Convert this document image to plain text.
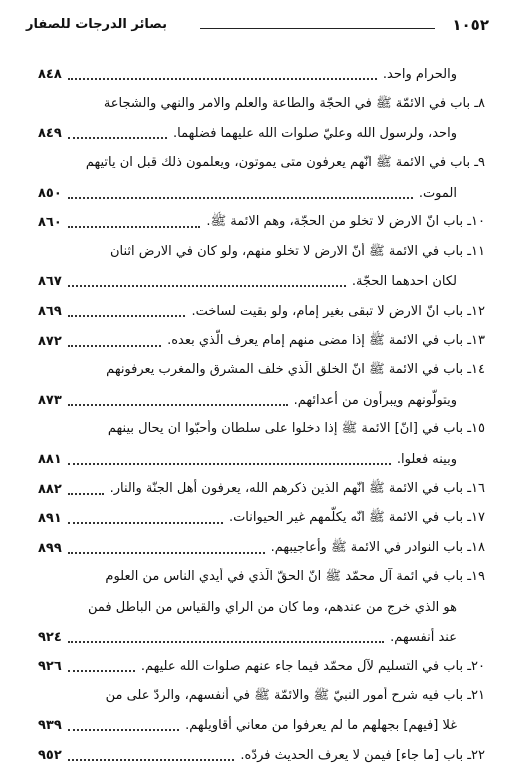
١٠٥٢
بصائر الدرجات للصفار
والحرام واحد.
٨٤٨
٨ـ باب في الائمّة ﷺ في الحجّة والطاعة والعلم والامر والنهي والشجاعة
واحد، ولرسول الله وعليّ صلوات الله عليهما فضلهما.
٨٤٩
٩ـ باب في الائمة ﷺ انّهم يعرفون متى يموتون، ويعلمون ذلك قبل ان ياتيهم
الموت.
٨٥٠
١٠ـ باب انّ الارض لا تخلو من الحجّة، وهم الائمة ﷺ.
٨٦٠
١١ـ باب في الائمة ﷺ أنّ الارض لا تخلو منهم، ولو كان في الارض اثنان
لكان احدهما الحجّة.
٨٦٧
١٢ـ باب انّ الارض لا تبقى بغير إمام، ولو بقيت لساخت.
٨٦٩
١٣ـ باب في الائمة ﷺ إذا مضى منهم إمام يعرف الّذي بعده.
٨٧٢
١٤ـ باب في الائمة ﷺ انّ الخلق الّذي خلف المشرق والمغرب يعرفونهم
ويتولّونهم ويبرأون من أعدائهم.
٨٧٣
١٥ـ باب في [انّ] الائمة ﷺ إذا دخلوا على سلطان وأحبّوا ان يحال بينهم
وبينه فعلوا.
٨٨١
١٦ـ باب في الائمة ﷺ انّهم الذين ذكرهم الله، يعرفون أهل الجنّة والنار.
٨٨٢
١٧ـ باب في الائمة ﷺ انّه يكلّمهم غير الحيوانات.
٨٩١
١٨ـ باب النوادر في الائمة ﷺ وأعاجيبهم.
٨٩٩
١٩ـ باب في ائمة آل محمّد ﷺ انّ الحقّ الّذي في أيدي الناس من العلوم
هو الّذي خرج من عندهم، وما كان من الراي والقياس من الباطل فمن
عند أنفسهم.
٩٢٤
٢٠ـ باب في التسليم لآل محمّد فيما جاء عنهم صلوات الله عليهم.
٩٢٦
٢١ـ باب فيه شرح أمور النبيّ ﷺ والائمّة ﷺ في أنفسهم، والردّ على من
غلا [فيهم] بجهلهم ما لم يعرفوا من معاني أقاويلهم.
٩٣٩
٢٢ـ باب [ما جاء] فيمن لا يعرف الحديث فردّه.
٩٥٢
